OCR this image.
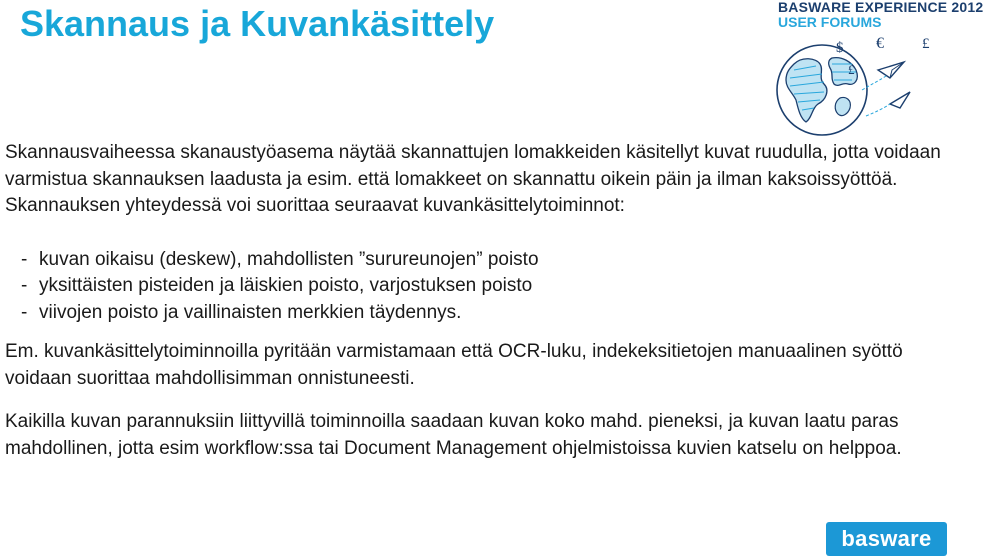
Skannaus ja Kuvankäsittely	BASWARE EXPERIENCE 2012
USER FORUMS
$ €	£
£

Skannausvaiheessa skanaustyöasema näytää skannattujen lomakkeiden käsitellyt kuvat ruudulla, jotta voidaan varmistua skannauksen laadusta ja esim. että lomakkeet on skannattu oikein päin ja ilman kaksoissyöttöä. Skannauksen yhteydessä voi suorittaa seuraavat kuvankäsittelytoiminnot:

- kuvan oikaisu (deskew), mahdollisten ”surureunojen” poisto
- yksittäisten pisteiden ja läiskien poisto, varjostuksen poisto
- viivojen poisto ja vaillinaisten merkkien täydennys.

Em. kuvankäsittelytoiminnoilla pyritään varmistamaan että OCR-luku, indekeksitietojen manuaalinen syöttö voidaan suorittaa mahdollisimman onnistuneesti.

Kaikilla kuvan parannuksiin liittyvillä toiminnoilla saadaan kuvan koko mahd. pieneksi, ja kuvan laatu paras mahdollinen, jotta esim workflow:ssa tai Document Management ohjelmistoissa kuvien katselu on helppoa.

basware
